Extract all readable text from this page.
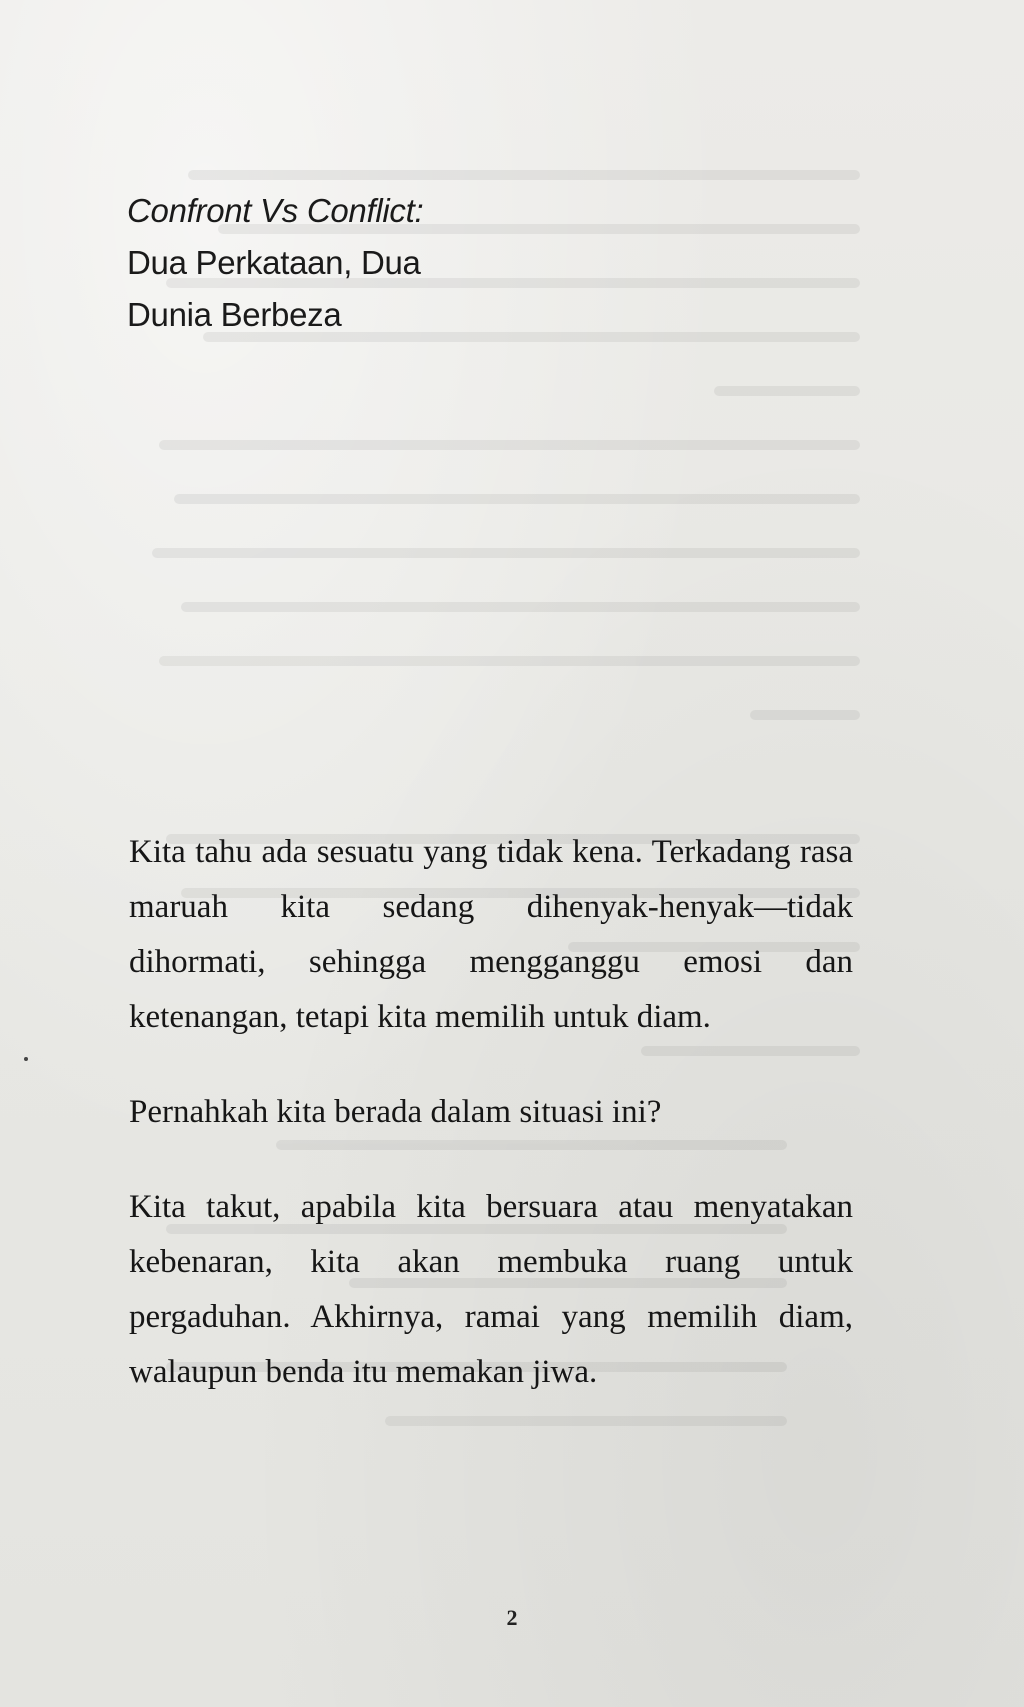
Confront Vs Conflict:
Dua Perkataan, Dua
Dunia Berbeza

Kita tahu ada sesuatu yang tidak kena. Terkadang rasa maruah kita sedang dihenyak-henyak—tidak dihormati, sehingga mengganggu emosi dan ketenangan, tetapi kita memilih untuk diam.

Pernahkah kita berada dalam situasi ini?

Kita takut, apabila kita bersuara atau menyatakan kebenaran, kita akan membuka ruang untuk pergaduhan. Akhirnya, ramai yang memilih diam, walaupun benda itu memakan jiwa.

2
